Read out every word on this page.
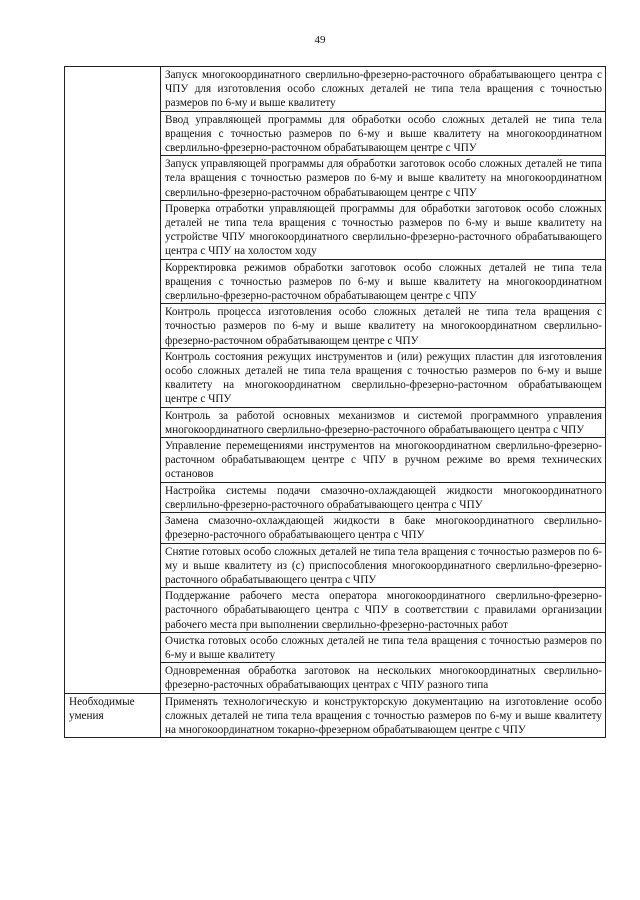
49
	Запуск многокоординатного сверлильно-фрезерно-расточного обрабатывающего центра с ЧПУ для изготовления особо сложных деталей не типа тела вращения с точностью размеров по 6-му и выше квалитету
	Ввод управляющей программы для обработки особо сложных деталей не типа тела вращения с точностью размеров по 6-му и выше квалитету на многокоординатном сверлильно-фрезерно-расточном обрабатывающем центре с ЧПУ
	Запуск управляющей программы для обработки заготовок особо сложных деталей не типа тела вращения с точностью размеров по 6-му и выше квалитету на многокоординатном сверлильно-фрезерно-расточном обрабатывающем центре с ЧПУ
	Проверка отработки управляющей программы для обработки заготовок особо сложных деталей не типа тела вращения с точностью размеров по 6-му и выше квалитету на устройстве ЧПУ многокоординатного сверлильно-фрезерно-расточного обрабатывающего центра с ЧПУ на холостом ходу
	Корректировка режимов обработки заготовок особо сложных деталей не типа тела вращения с точностью размеров по 6-му и выше квалитету на многокоординатном сверлильно-фрезерно-расточном обрабатывающем центре с ЧПУ
	Контроль процесса изготовления особо сложных деталей не типа тела вращения с точностью размеров по 6-му и выше квалитету на многокоординатном сверлильно-фрезерно-расточном обрабатывающем центре с ЧПУ
	Контроль состояния режущих инструментов и (или) режущих пластин для изготовления особо сложных деталей не типа тела вращения с точностью размеров по 6-му и выше квалитету на многокоординатном сверлильно-фрезерно-расточном обрабатывающем центре с ЧПУ
	Контроль за работой основных механизмов и системой программного управления многокоординатного сверлильно-фрезерно-расточного обрабатывающего центра с ЧПУ
	Управление перемещениями инструментов на многокоординатном сверлильно-фрезерно-расточном обрабатывающем центре с ЧПУ в ручном режиме во время технических остановов
	Настройка системы подачи смазочно-охлаждающей жидкости многокоординатного сверлильно-фрезерно-расточного обрабатывающего центра с ЧПУ
	Замена смазочно-охлаждающей жидкости в баке многокоординатного сверлильно-фрезерно-расточного обрабатывающего центра с ЧПУ
	Снятие готовых особо сложных деталей не типа тела вращения с точностью размеров по 6-му и выше квалитету из (с) приспособления многокоординатного сверлильно-фрезерно-расточного обрабатывающего центра с ЧПУ
	Поддержание рабочего места оператора многокоординатного сверлильно-фрезерно-расточного обрабатывающего центра с ЧПУ в соответствии с правилами организации рабочего места при выполнении сверлильно-фрезерно-расточных работ
	Очистка готовых особо сложных деталей не типа тела вращения с точностью размеров по 6-му и выше квалитету
	Одновременная обработка заготовок на нескольких многокоординатных сверлильно-фрезерно-расточных обрабатывающих центрах с ЧПУ разного типа
Необходимые умения	Применять технологическую и конструкторскую документацию на изготовление особо сложных деталей не типа тела вращения с точностью размеров по 6-му и выше квалитету на многокоординатном токарно-фрезерном обрабатывающем центре с ЧПУ
